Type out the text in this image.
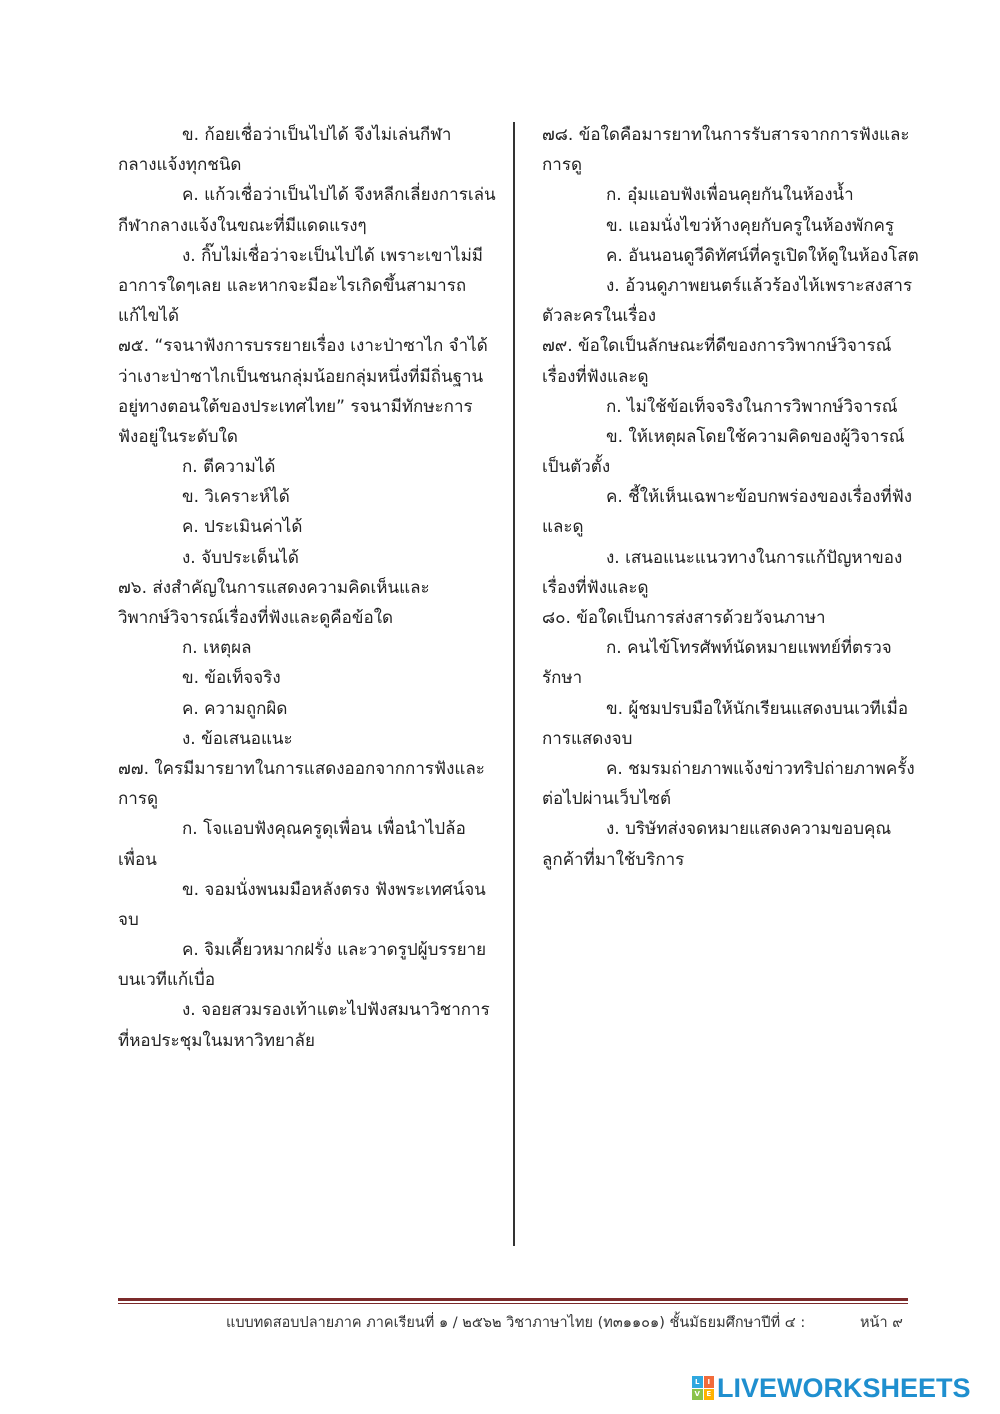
ข. ก้อยเชื่อว่าเป็นไปได้ จึงไม่เล่นกีฬา
กลางแจ้งทุกชนิด
ค. แก้วเชื่อว่าเป็นไปได้ จึงหลีกเลี่ยงการเล่น
กีฬากลางแจ้งในขณะที่มีแดดแรงๆ
ง. กิ๊บไม่เชื่อว่าจะเป็นไปได้ เพราะเขาไม่มี
อาการใดๆเลย และหากจะมีอะไรเกิดขึ้นสามารถ
แก้ไขได้
๗๕. “รจนาฟังการบรรยายเรื่อง เงาะป่าซาไก จำได้
ว่าเงาะป่าซาไกเป็นชนกลุ่มน้อยกลุ่มหนึ่งที่มีถิ่นฐาน
อยู่ทางตอนใต้ของประเทศไทย” รจนามีทักษะการ
ฟังอยู่ในระดับใด
ก. ตีความได้
ข. วิเคราะห์ได้
ค. ประเมินค่าได้
ง. จับประเด็นได้
๗๖. ส่งสำคัญในการแสดงความคิดเห็นและ
วิพากษ์วิจารณ์เรื่องที่ฟังและดูคือข้อใด
ก. เหตุผล
ข. ข้อเท็จจริง
ค. ความถูกผิด
ง. ข้อเสนอแนะ
๗๗. ใครมีมารยาทในการแสดงออกจากการฟังและ
การดู
ก. โจแอบฟังคุณครูดุเพื่อน เพื่อนำไปล้อ
เพื่อน
ข. จอมนั่งพนมมือหลังตรง ฟังพระเทศน์จน
จบ
ค. จิมเคี้ยวหมากฝรั่ง และวาดรูปผู้บรรยาย
บนเวทีแก้เบื่อ
ง. จอยสวมรองเท้าแตะไปฟังสมนาวิชาการ
ที่หอประชุมในมหาวิทยาลัย
๗๘. ข้อใดคือมารยาทในการรับสารจากการฟังและ
การดู
ก. อุ๋มแอบฟังเพื่อนคุยกันในห้องน้ำ
ข. แอมนั่งไขว่ห้างคุยกับครูในห้องพักครู
ค. อันนอนดูวีดิทัศน์ที่ครูเปิดให้ดูในห้องโสต
ง. อ้วนดูภาพยนตร์แล้วร้องไห้เพราะสงสาร
ตัวละครในเรื่อง
๗๙. ข้อใดเป็นลักษณะที่ดีของการวิพากษ์วิจารณ์
เรื่องที่ฟังและดู
ก. ไม่ใช้ข้อเท็จจริงในการวิพากษ์วิจารณ์
ข. ให้เหตุผลโดยใช้ความคิดของผู้วิจารณ์
เป็นตัวตั้ง
ค. ชี้ให้เห็นเฉพาะข้อบกพร่องของเรื่องที่ฟัง
และดู
ง. เสนอแนะแนวทางในการแก้ปัญหาของ
เรื่องที่ฟังและดู
๘๐. ข้อใดเป็นการส่งสารด้วยวัจนภาษา
ก. คนไข้โทรศัพท์นัดหมายแพทย์ที่ตรวจ
รักษา
ข. ผู้ชมปรบมือให้นักเรียนแสดงบนเวทีเมื่อ
การแสดงจบ
ค. ชมรมถ่ายภาพแจ้งข่าวทริปถ่ายภาพครั้ง
ต่อไปผ่านเว็บไซต์
ง. บริษัทส่งจดหมายแสดงความขอบคุณ
ลูกค้าที่มาใช้บริการ
แบบทดสอบปลายภาค ภาคเรียนที่ ๑ / ๒๕๖๒ วิชาภาษาไทย (ท๓๑๑๐๑) ชั้นมัธยมศึกษาปีที่ ๔ :	หน้า ๙
L	I
V E LIVEWORKSHEETS
